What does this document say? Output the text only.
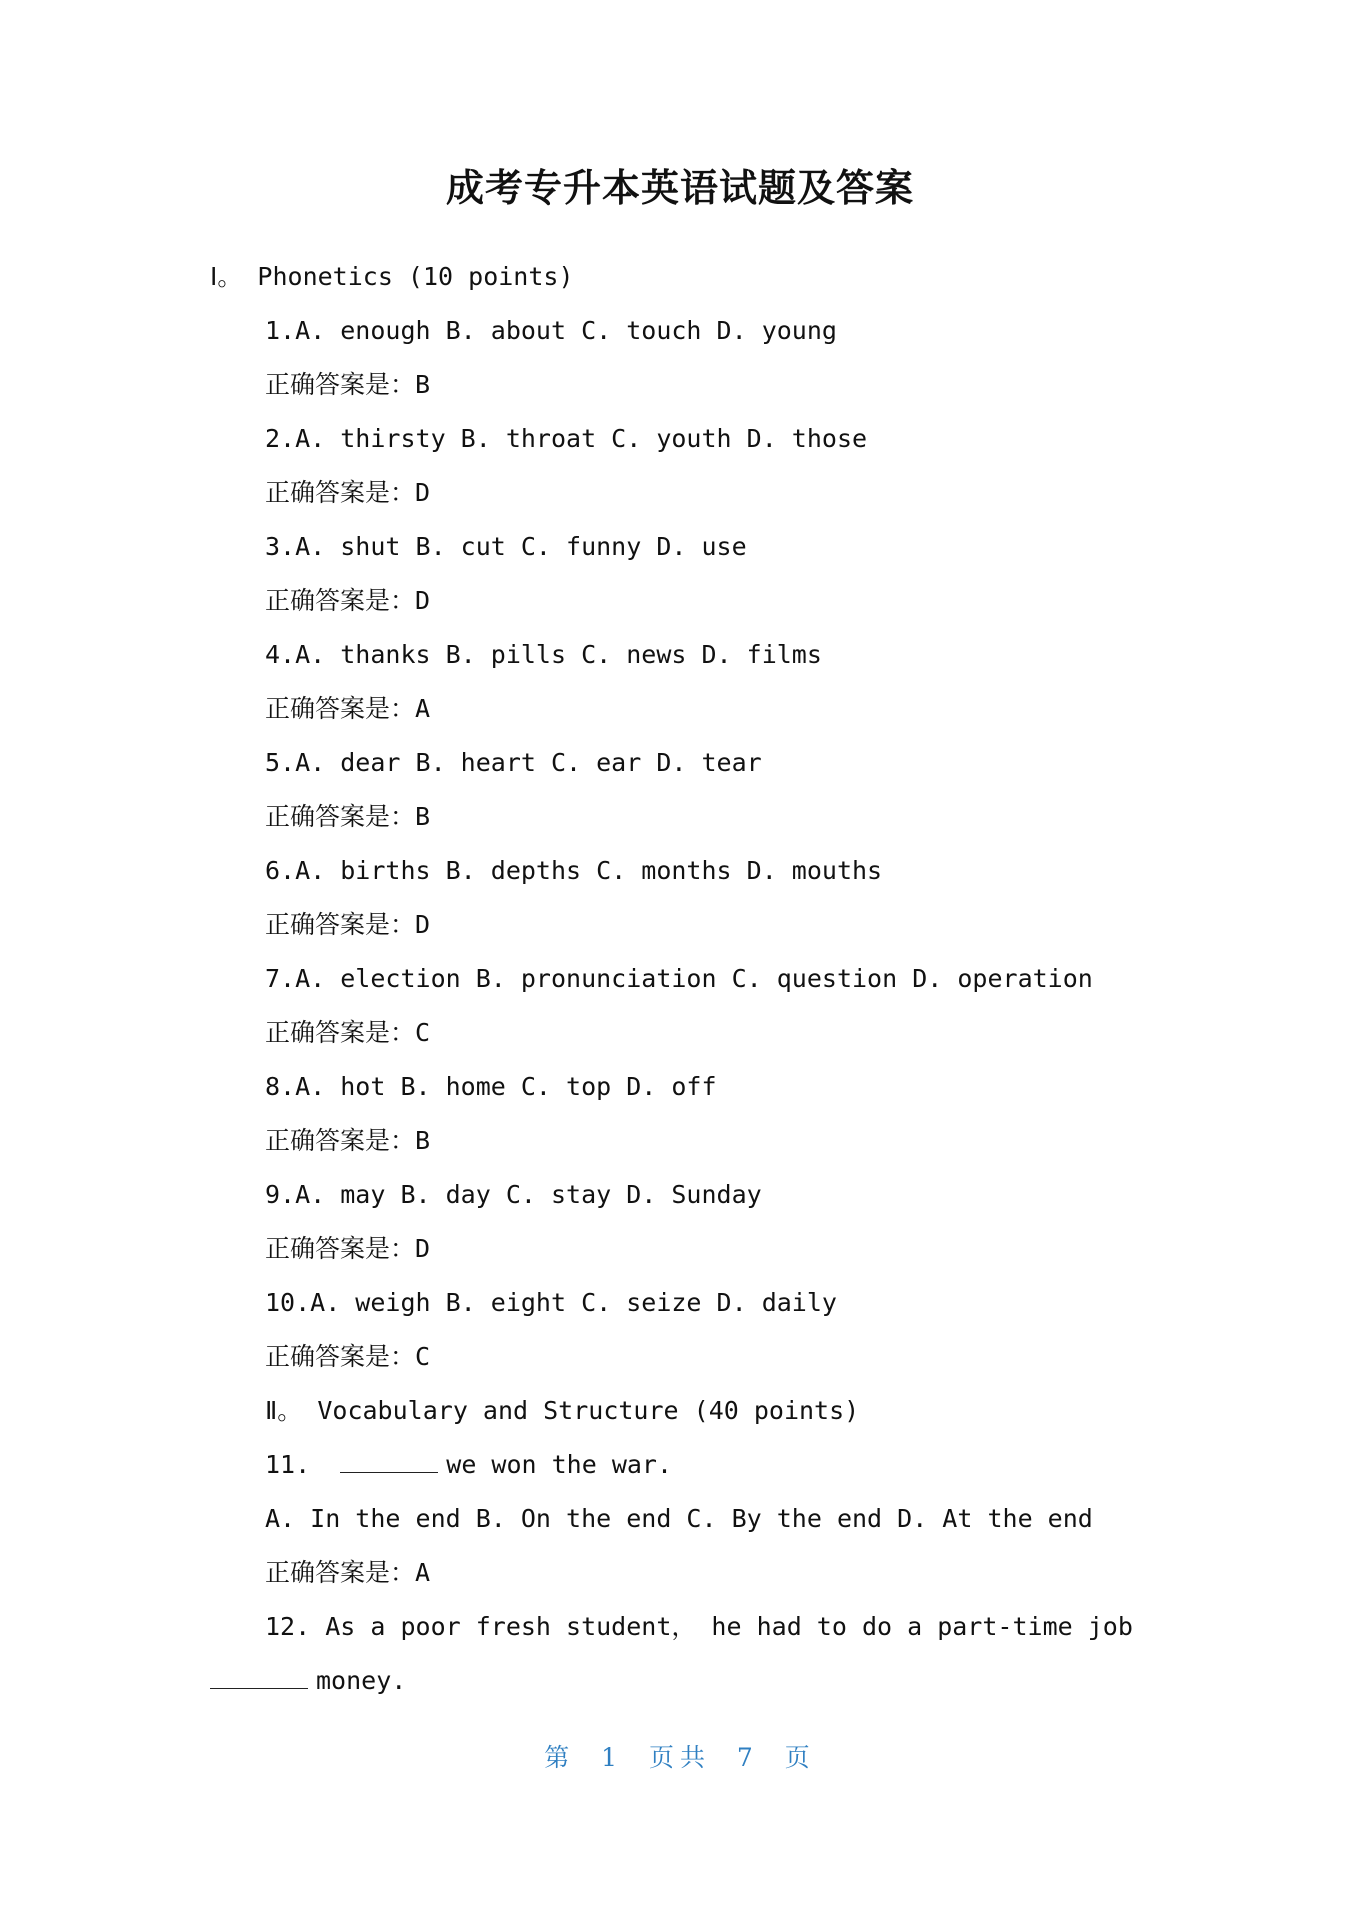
成考专升本英语试题及答案
Ⅰ。 Phonetics (10 points)
1.A. enough B. about C. touch D. young
正确答案是：B
2.A. thirsty B. throat C. youth D. those
正确答案是：D
3.A. shut B. cut C. funny D. use
正确答案是：D
4.A. thanks B. pills C. news D. films
正确答案是：A
5.A. dear B. heart C. ear D. tear
正确答案是：B
6.A. births B. depths C. months D. mouths
正确答案是：D
7.A. election B. pronunciation C. question D. operation
正确答案是：C
8.A. hot B. home C. top D. off
正确答案是：B
9.A. may B. day C. stay D. Sunday
正确答案是：D
10.A. weigh B. eight C. seize D. daily
正确答案是：C
Ⅱ。 Vocabulary and Structure (40 points)
11.	we won the war.
A. In the end B. On the end C. By the end D. At the end
正确答案是：A
12. As a poor fresh student， he had to do a part-time job
money.
第 1 页共 7 页
